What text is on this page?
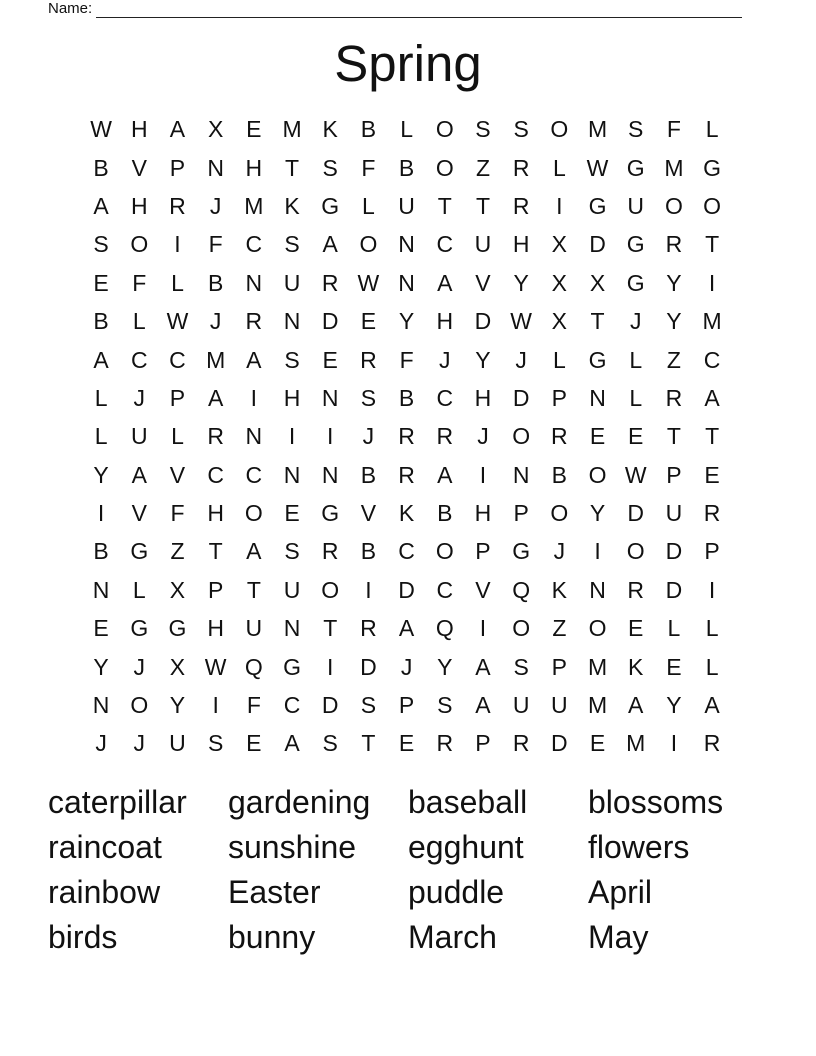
Name:
Spring
W H A X E M K B	L O S S O M S	F	L
B V P N H T	S	F	B O Z R	L W G M G
A H R	J M K G L	U T	T R	I	G U O O
S O	I	F C S A O N C U H X D G R T
E	F	L	B N U R W N A V Y X X G Y	I
B	L W J	R N D E Y H D W X	T	J	Y M
A C C M A S E R F	J	Y	J	L G L	Z C
L	J	P A	I	H N S B C H D P N	L	R A
L	U	L	R N	I	I	J	R R	J	O R E E	T	T
Y A V C C N N B R A	I	N B O W P E
I	V	F H O E G V K B H P O Y D U R
B G Z	T	A S R B C O P G	J	I	O D P
N	L	X P	T U O	I	D C V Q K N R D	I
E G G H U N T R A Q	I	O Z O E	L	L
Y	J	X W Q G	I	D	J	Y A S P M K E	L
N O Y	I	F C D S P S A U U M A Y A
J	J	U S E A S	T	E R P R D E M	I	R
caterpillar	gardening	baseball	blossoms
raincoat	sunshine	egghunt	flowers
rainbow	Easter	puddle	April
birds	bunny	March	May
